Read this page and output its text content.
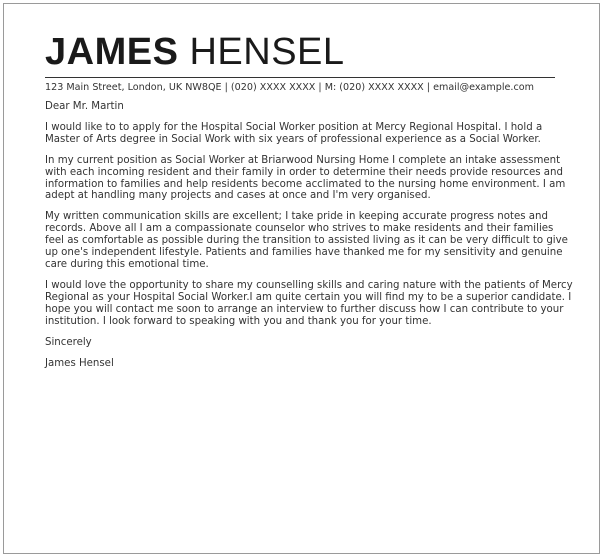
JAMES HENSEL
123 Main Street, London, UK NW8QE | (020) XXXX XXXX | M: (020) XXXX XXXX | email@example.com

Dear Mr. Martin

I would like to to apply for the Hospital Social Worker position at Mercy Regional Hospital. I hold a Master of Arts degree in Social Work with six years of professional experience as a Social Worker.

In my current position as Social Worker at Briarwood Nursing Home I complete an intake assessment with each incoming resident and their family in order to determine their needs provide resources and information to families and help residents become acclimated to the nursing home environment. I am adept at handling many projects and cases at once and I'm very organised.

My written communication skills are excellent; I take pride in keeping accurate progress notes and records. Above all I am a compassionate counselor who strives to make residents and their families feel as comfortable as possible during the transition to assisted living as it can be very difficult to give up one's independent lifestyle. Patients and families have thanked me for my sensitivity and genuine care during this emotional time.

I would love the opportunity to share my counselling skills and caring nature with the patients of Mercy Regional as your Hospital Social Worker.I am quite certain you will find my to be a superior candidate. I hope you will contact me soon to arrange an interview to further discuss how I can contribute to your institution. I look forward to speaking with you and thank you for your time.

Sincerely

James Hensel
